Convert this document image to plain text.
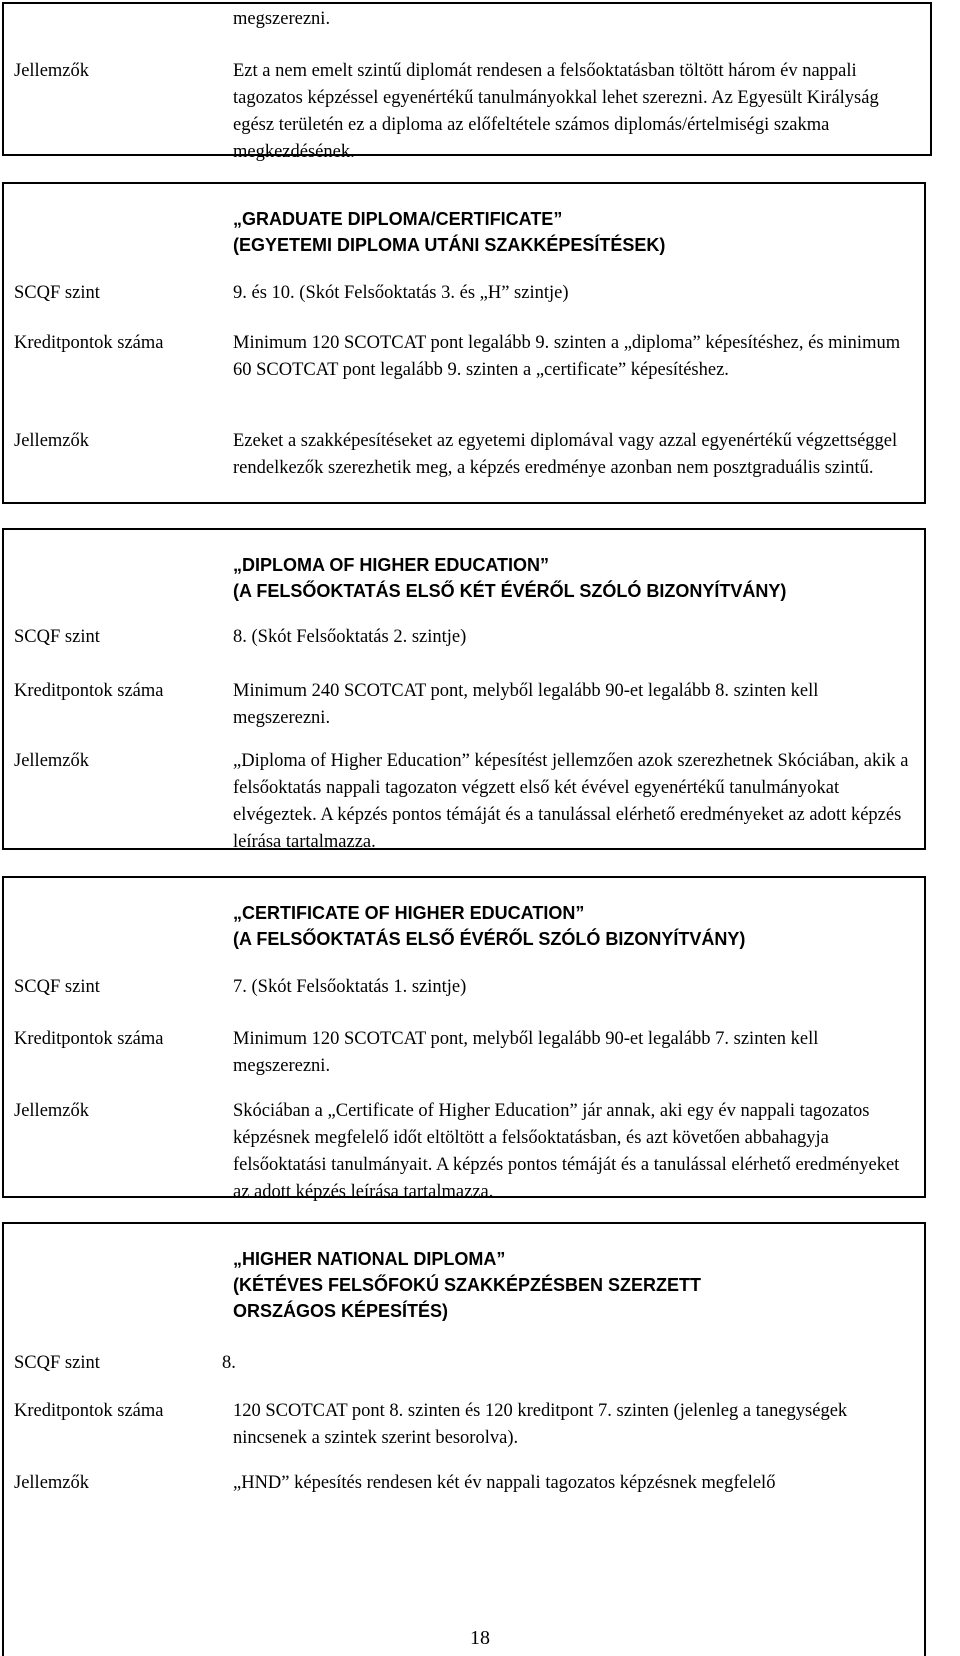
megszerezni.
Jellemzők	Ezt a nem emelt szintű diplomát rendesen a felsőoktatásban töltött három év nappali tagozatos képzéssel egyenértékű tanulmányokkal lehet szerezni. Az Egyesült Királyság egész területén ez a diploma az előfeltétele számos diplomás/értelmiségi szakma megkezdésének.
„GRADUATE DIPLOMA/CERTIFICATE”
(EGYETEMI DIPLOMA UTÁNI SZAKKÉPESÍTÉSEK)
SCQF szint	9. és 10. (Skót Felsőoktatás 3. és „H” szintje)
Kreditpontok száma	Minimum 120 SCOTCAT pont legalább 9. szinten a „diploma” képesítéshez, és minimum 60 SCOTCAT pont legalább 9. szinten a „certificate” képesítéshez.
Jellemzők	Ezeket a szakképesítéseket az egyetemi diplomával vagy azzal egyenértékű végzettséggel rendelkezők szerezhetik meg, a képzés eredménye azonban nem posztgraduális szintű.
„DIPLOMA OF HIGHER EDUCATION”
(A FELSŐOKTATÁS ELSŐ KÉT ÉVÉRŐL SZÓLÓ BIZONYÍTVÁNY)
SCQF szint	8. (Skót Felsőoktatás 2. szintje)
Kreditpontok száma	Minimum 240 SCOTCAT pont, melyből legalább 90-et legalább 8. szinten kell megszerezni.
Jellemzők	„Diploma of Higher Education” képesítést jellemzően azok szerezhetnek Skóciában, akik a felsőoktatás nappali tagozaton végzett első két évével egyenértékű tanulmányokat elvégeztek. A képzés pontos témáját és a tanulással elérhető eredményeket az adott képzés leírása tartalmazza.
„CERTIFICATE OF HIGHER EDUCATION”
(A FELSŐOKTATÁS ELSŐ ÉVÉRŐL SZÓLÓ BIZONYÍTVÁNY)
SCQF szint	7. (Skót Felsőoktatás 1. szintje)
Kreditpontok száma	Minimum 120 SCOTCAT pont, melyből legalább 90-et legalább 7. szinten kell megszerezni.
Jellemzők	Skóciában a „Certificate of Higher Education” jár annak, aki egy év nappali tagozatos képzésnek megfelelő időt eltöltött a felsőoktatásban, és azt követően abbahagyja felsőoktatási tanulmányait. A képzés pontos témáját és a tanulással elérhető eredményeket az adott képzés leírása tartalmazza.
„HIGHER NATIONAL DIPLOMA”
(KÉTÉVES FELSŐFOKÚ SZAKKÉPZÉSBEN SZERZETT
ORSZÁGOS KÉPESÍTÉS)
SCQF szint	8.
Kreditpontok száma	120 SCOTCAT pont 8. szinten és 120 kreditpont 7. szinten (jelenleg a tanegységek nincsenek a szintek szerint besorolva).
Jellemzők	„HND” képesítés rendesen két év nappali tagozatos képzésnek megfelelő
18
